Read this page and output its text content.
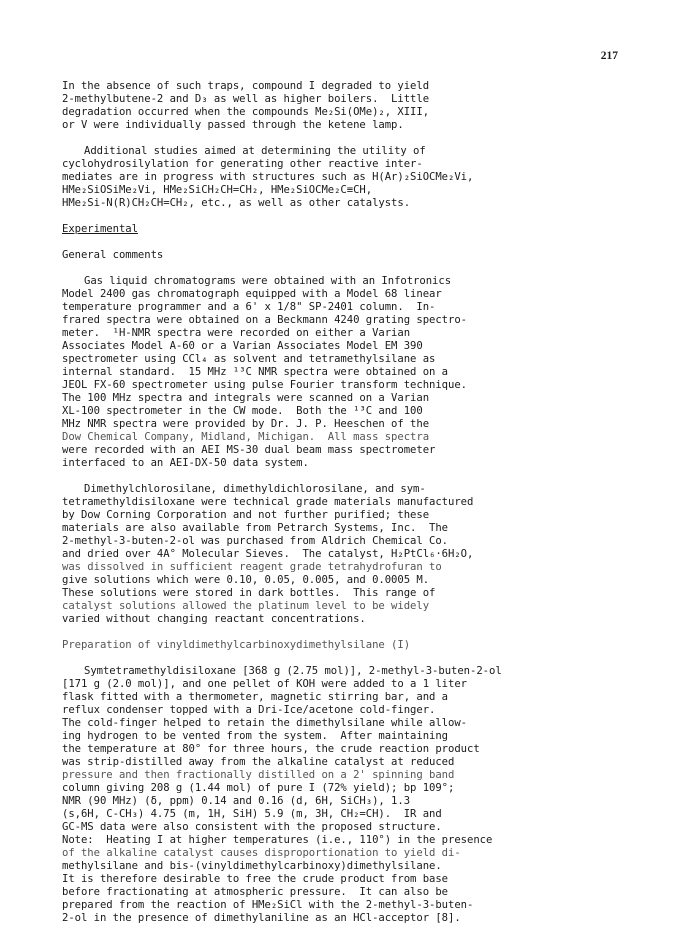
217
In the absence of such traps, compound I degraded to yield
2-methylbutene-2 and D₃ as well as higher boilers.  Little
degradation occurred when the compounds Me₂Si(OMe)₂, XIII,
or V were individually passed through the ketene lamp.
Additional studies aimed at determining the utility of
cyclohydrosilylation for generating other reactive inter-
mediates are in progress with structures such as H(Ar)₂SiOCMe₂Vi,
HMe₂SiOSiMe₂Vi, HMe₂SiCH₂CH=CH₂, HMe₂SiOCMe₂C≡CH,
HMe₂Si-N(R)CH₂CH=CH₂, etc., as well as other catalysts.
Experimental
General comments
Gas liquid chromatograms were obtained with an Infotronics
Model 2400 gas chromatograph equipped with a Model 68 linear
temperature programmer and a 6' x 1/8" SP-2401 column.  In-
frared spectra were obtained on a Beckmann 4240 grating spectro-
meter.  ¹H-NMR spectra were recorded on either a Varian
Associates Model A-60 or a Varian Associates Model EM 390
spectrometer using CCl₄ as solvent and tetramethylsilane as
internal standard.  15 MHz ¹³C NMR spectra were obtained on a
JEOL FX-60 spectrometer using pulse Fourier transform technique.
The 100 MHz spectra and integrals were scanned on a Varian
XL-100 spectrometer in the CW mode.  Both the ¹³C and 100
MHz NMR spectra were provided by Dr. J. P. Heeschen of the
Dow Chemical Company, Midland, Michigan.  All mass spectra
were recorded with an AEI MS-30 dual beam mass spectrometer
interfaced to an AEI-DX-50 data system.
Dimethylchlorosilane, dimethyldichlorosilane, and sym-
tetramethyldisiloxane were technical grade materials manufactured
by Dow Corning Corporation and not further purified; these
materials are also available from Petrarch Systems, Inc.  The
2-methyl-3-buten-2-ol was purchased from Aldrich Chemical Co.
and dried over 4A° Molecular Sieves.  The catalyst, H₂PtCl₆·6H₂O,
was dissolved in sufficient reagent grade tetrahydrofuran to
give solutions which were 0.10, 0.05, 0.005, and 0.0005 M.
These solutions were stored in dark bottles.  This range of
catalyst solutions allowed the platinum level to be widely
varied without changing reactant concentrations.
Preparation of vinyldimethylcarbinoxydimethylsilane (I)
Symtetramethyldisiloxane [368 g (2.75 mol)], 2-methyl-3-buten-2-ol
[171 g (2.0 mol)], and one pellet of KOH were added to a 1 liter
flask fitted with a thermometer, magnetic stirring bar, and a
reflux condenser topped with a Dri-Ice/acetone cold-finger.
The cold-finger helped to retain the dimethylsilane while allow-
ing hydrogen to be vented from the system.  After maintaining
the temperature at 80° for three hours, the crude reaction product
was strip-distilled away from the alkaline catalyst at reduced
pressure and then fractionally distilled on a 2' spinning band
column giving 208 g (1.44 mol) of pure I (72% yield); bp 109°;
NMR (90 MHz) (δ, ppm) 0.14 and 0.16 (d, 6H, SiCH₃), 1.3
(s,6H, C-CH₃) 4.75 (m, 1H, SiH) 5.9 (m, 3H, CH₂=CH).  IR and
GC-MS data were also consistent with the proposed structure.
Note:  Heating I at higher temperatures (i.e., 110°) in the presence
of the alkaline catalyst causes disproportionation to yield di-
methylsilane and bis-(vinyldimethylcarbinoxy)dimethylsilane.
It is therefore desirable to free the crude product from base
before fractionating at atmospheric pressure.  It can also be
prepared from the reaction of HMe₂SiCl with the 2-methyl-3-buten-
2-ol in the presence of dimethylaniline as an HCl-acceptor [8].
